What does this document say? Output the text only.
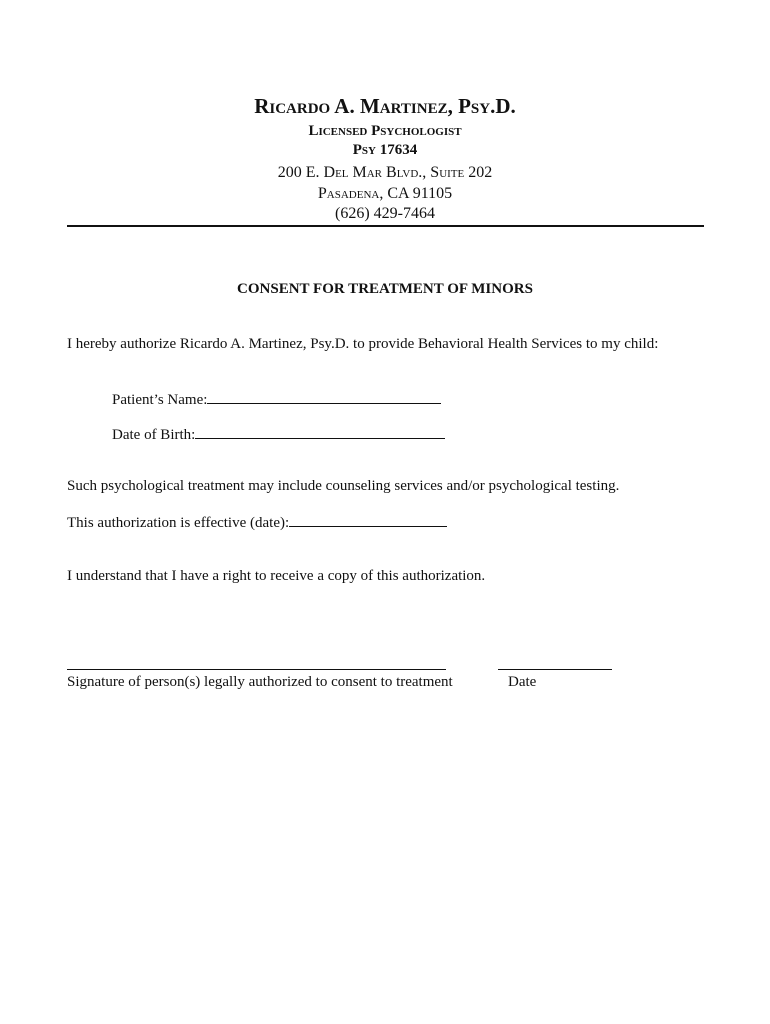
Ricardo A. Martinez, Psy.D.
Licensed Psychologist
Psy 17634
200 E. Del Mar Blvd., Suite 202
Pasadena, CA 91105
(626) 429-7464
CONSENT FOR TREATMENT OF MINORS
I hereby authorize Ricardo A. Martinez, Psy.D. to provide Behavioral Health Services to my child:
Patient’s Name:
Date of Birth:
Such psychological treatment may include counseling services and/or psychological testing.
This authorization is effective (date):
I understand that I have a right to receive a copy of this authorization.
Signature of person(s) legally authorized to consent to treatment	Date
